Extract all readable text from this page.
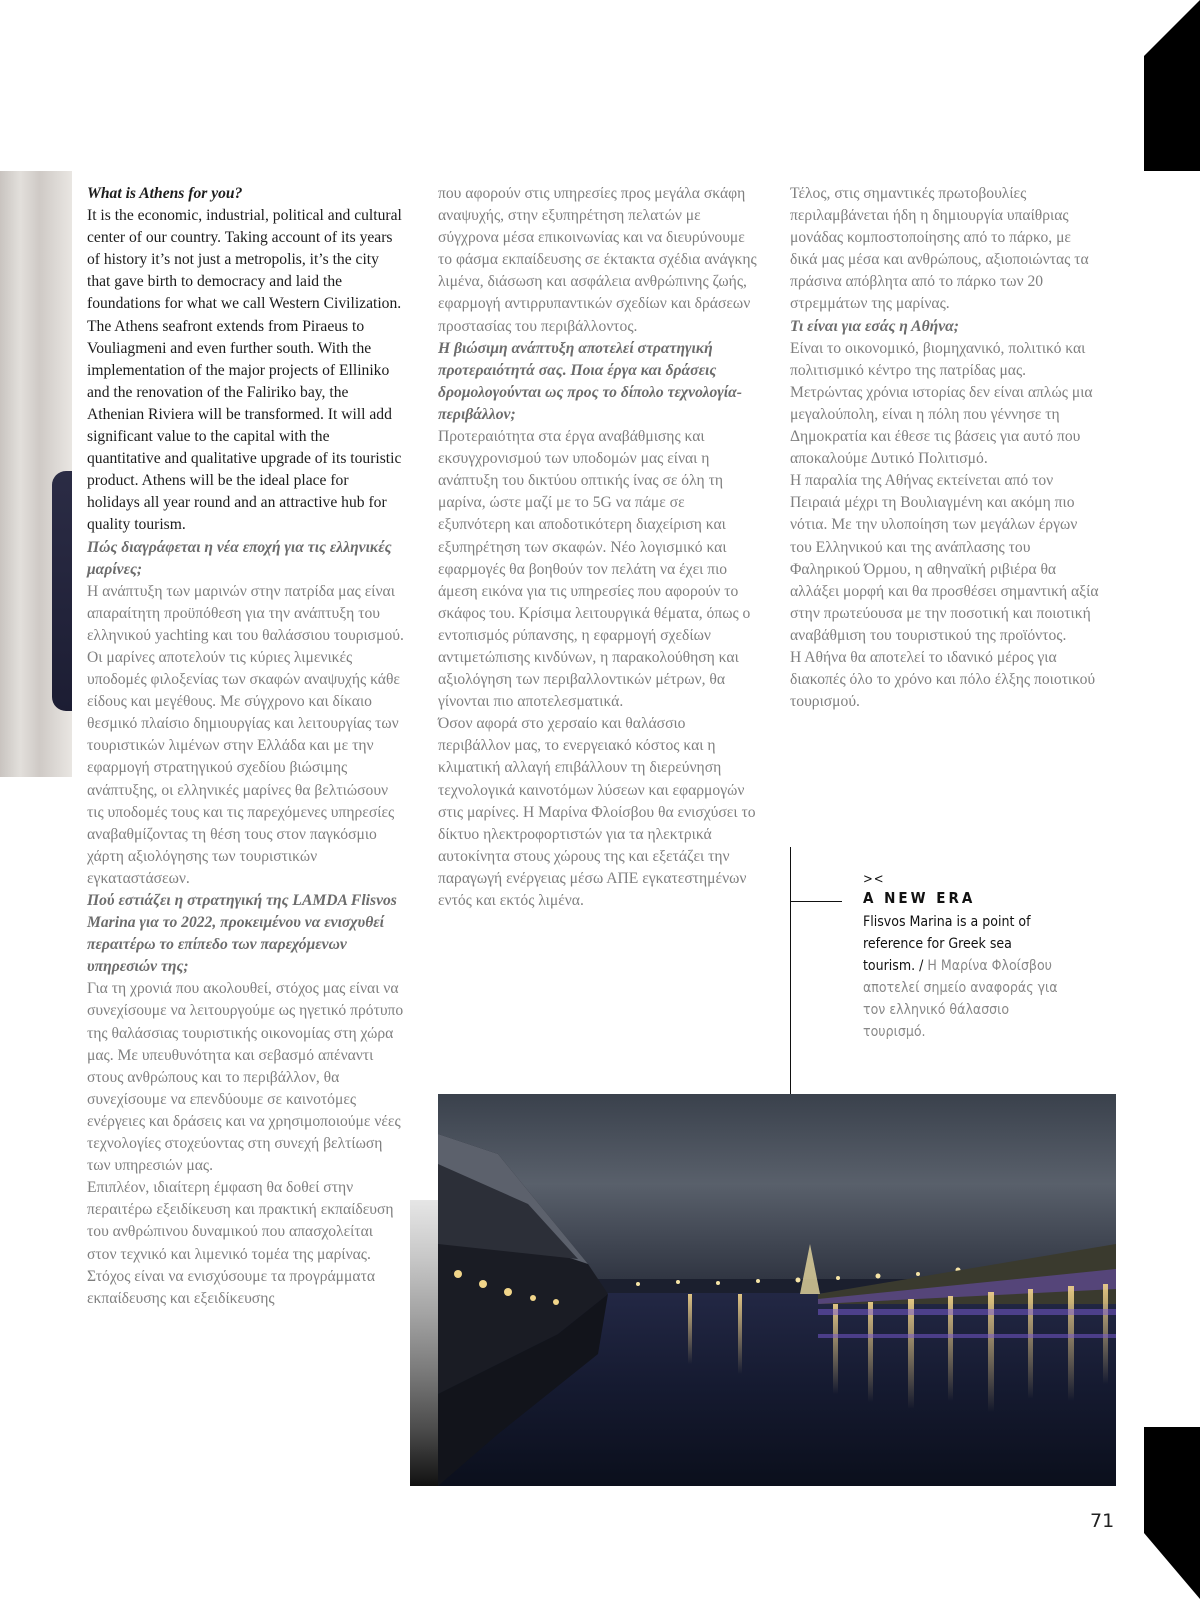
What is Athens for you?

It is the economic, industrial, political and cultural center of our country. Taking account of its years of history it’s not just a metropolis, it’s the city that gave birth to democracy and laid the foundations for what we call Western Civilization.

The Athens seafront extends from Piraeus to Vouliagmeni and even further south. With the implementation of the major projects of Elliniko and the renovation of the Faliriko bay, the Athenian Riviera will be transformed. It will add significant value to the capital with the quantitative and qualitative upgrade of its touristic product. Athens will be the ideal place for holidays all year round and an attractive hub for quality tourism.

Πώς διαγράφεται η νέα εποχή για τις ελληνικές μαρίνες;

Η ανάπτυξη των μαρινών στην πατρίδα μας είναι απαραίτητη προϋπόθεση για την ανάπτυξη του ελληνικού yachting και του θαλάσσιου τουρισμού. Οι μαρίνες αποτελούν τις κύριες λιμενικές υποδομές φιλοξενίας των σκαφών αναψυχής κάθε είδους και μεγέθους. Με σύγχρονο και δίκαιο θεσμικό πλαίσιο δημιουργίας και λειτουργίας των τουριστικών λιμένων στην Ελλάδα και με την εφαρμογή στρατηγικού σχεδίου βιώσιμης ανάπτυξης, οι ελληνικές μαρίνες θα βελτιώσουν τις υποδομές τους και τις παρεχόμενες υπηρεσίες αναβαθμίζοντας τη θέση τους στον παγκόσμιο χάρτη αξιολόγησης των τουριστικών εγκαταστάσεων.

Πού εστιάζει η στρατηγική της LAMDA Flisvos Marina για το 2022, προκειμένου να ενισχυθεί περαιτέρω το επίπεδο των παρεχόμενων υπηρεσιών της;

Για τη χρονιά που ακολουθεί, στόχος μας είναι να συνεχίσουμε να λειτουργούμε ως ηγετικό πρότυπο της θαλάσσιας τουριστικής οικονομίας στη χώρα μας. Με υπευθυνότητα και σεβασμό απέναντι στους ανθρώπους και το περιβάλλον, θα συνεχίσουμε να επενδύουμε σε καινοτόμες ενέργειες και δράσεις και να χρησιμοποιούμε νέες τεχνολογίες στοχεύοντας στη συνεχή βελτίωση των υπηρεσιών μας.

Επιπλέον, ιδιαίτερη έμφαση θα δοθεί στην περαιτέρω εξειδίκευση και πρακτική εκπαίδευση του ανθρώπινου δυναμικού που απασχολείται στον τεχνικό και λιμενικό τομέα της μαρίνας. Στόχος είναι να ενισχύσουμε τα προγράμματα εκπαίδευσης και εξειδίκευσης

που αφορούν στις υπηρεσίες προς μεγάλα σκάφη αναψυχής, στην εξυπηρέτηση πελατών με σύγχρονα μέσα επικοινωνίας και να διευρύνουμε το φάσμα εκπαίδευσης σε έκτακτα σχέδια ανάγκης λιμένα, διάσωση και ασφάλεια ανθρώπινης ζωής, εφαρμογή αντιρρυπαντικών σχεδίων και δράσεων προστασίας του περιβάλλοντος.

Η βιώσιμη ανάπτυξη αποτελεί στρατηγική προτεραιότητά σας. Ποια έργα και δράσεις δρομολογούνται ως προς το δίπολο τεχνολογία-περιβάλλον;

Προτεραιότητα στα έργα αναβάθμισης και εκσυγχρονισμού των υποδομών μας είναι η ανάπτυξη του δικτύου οπτικής ίνας σε όλη τη μαρίνα, ώστε μαζί με το 5G να πάμε σε εξυπνότερη και αποδοτικότερη διαχείριση και εξυπηρέτηση των σκαφών. Νέο λογισμικό και εφαρμογές θα βοηθούν τον πελάτη να έχει πιο άμεση εικόνα για τις υπηρεσίες που αφορούν το σκάφος του. Κρίσιμα λειτουργικά θέματα, όπως ο εντοπισμός ρύπανσης, η εφαρμογή σχεδίων αντιμετώπισης κινδύνων, η παρακολούθηση και αξιολόγηση των περιβαλλοντικών μέτρων, θα γίνονται πιο αποτελεσματικά.

Όσον αφορά στο χερσαίο και θαλάσσιο περιβάλλον μας, το ενεργειακό κόστος και η κλιματική αλλαγή επιβάλλουν τη διερεύνηση τεχνολογικά καινοτόμων λύσεων και εφαρμογών στις μαρίνες. Η Μαρίνα Φλοίσβου θα ενισχύσει το δίκτυο ηλεκτροφορτιστών για τα ηλεκτρικά αυτοκίνητα στους χώρους της και εξετάζει την παραγωγή ενέργειας μέσω ΑΠΕ εγκατεστημένων εντός και εκτός λιμένα.

Τέλος, στις σημαντικές πρωτοβουλίες περιλαμβάνεται ήδη η δημιουργία υπαίθριας μονάδας κομποστοποίησης από το πάρκο, με δικά μας μέσα και ανθρώπους, αξιοποιώντας τα πράσινα απόβλητα από το πάρκο των 20 στρεμμάτων της μαρίνας.

Τι είναι για εσάς η Αθήνα;

Είναι το οικονομικό, βιομηχανικό, πολιτικό και πολιτισμικό κέντρο της πατρίδας μας. Μετρώντας χρόνια ιστορίας δεν είναι απλώς μια μεγαλούπολη, είναι η πόλη που γέννησε τη Δημοκρατία και έθεσε τις βάσεις για αυτό που αποκαλούμε Δυτικό Πολιτισμό.

Η παραλία της Αθήνας εκτείνεται από τον Πειραιά μέχρι τη Βουλιαγμένη και ακόμη πιο νότια. Με την υλοποίηση των μεγάλων έργων του Ελληνικού και της ανάπλασης του Φαληρικού Όρμου, η αθηναϊκή ριβιέρα θα αλλάξει μορφή και θα προσθέσει σημαντική αξία στην πρωτεύουσα με την ποσοτική και ποιοτική αναβάθμιση του τουριστικού της προϊόντος.

Η Αθήνα θα αποτελεί το ιδανικό μέρος για διακοπές όλο το χρόνο και πόλο έλξης ποιοτικού τουρισμού.

><
A NEW ERA

Flisvos Marina is a point of reference for Greek sea tourism. / Η Μαρίνα Φλοίσβου αποτελεί σημείο αναφοράς για τον ελληνικό θάλασσιο τουρισμό.

71
